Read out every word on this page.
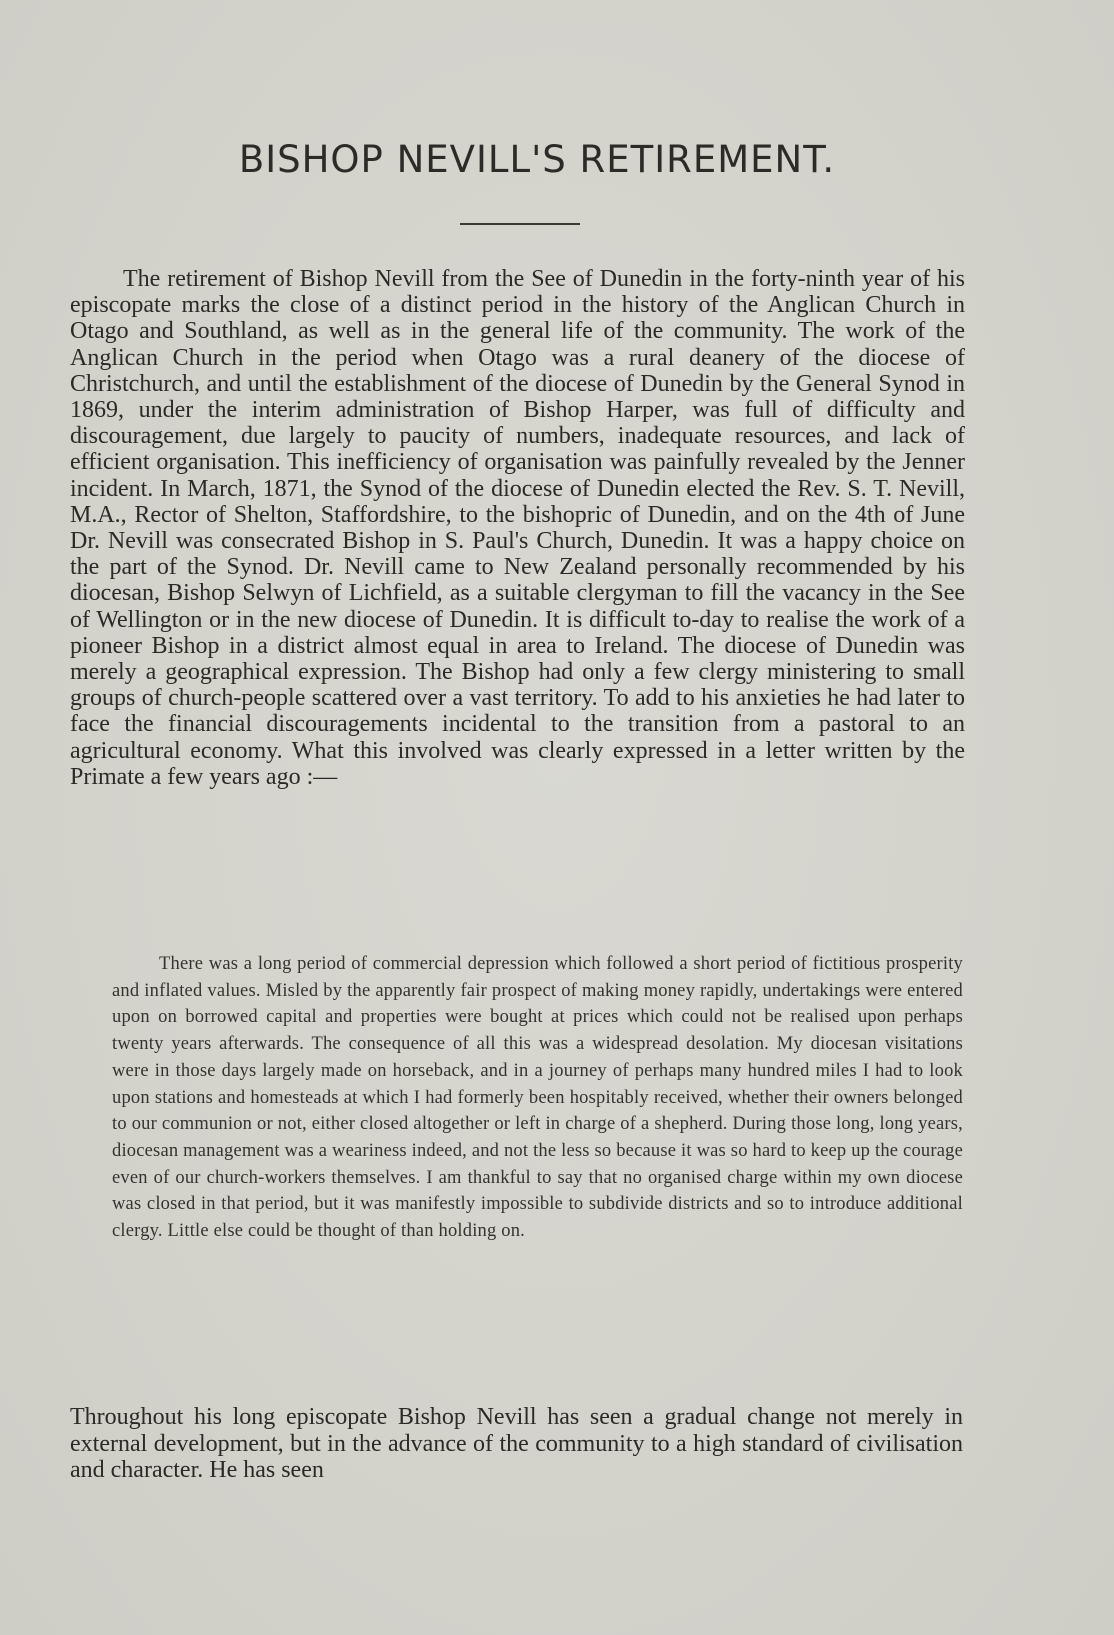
BISHOP NEVILL'S RETIREMENT.

The retirement of Bishop Nevill from the See of Dunedin in the forty-ninth year of his episcopate marks the close of a distinct period in the history of the Anglican Church in Otago and Southland, as well as in the general life of the community. The work of the Anglican Church in the period when Otago was a rural deanery of the diocese of Christchurch, and until the establishment of the diocese of Dunedin by the General Synod in 1869, under the interim administration of Bishop Harper, was full of difficulty and discouragement, due largely to paucity of numbers, inadequate resources, and lack of efficient organisation. This inefficiency of organisation was painfully revealed by the Jenner incident. In March, 1871, the Synod of the diocese of Dunedin elected the Rev. S. T. Nevill, M.A., Rector of Shelton, Staffordshire, to the bishopric of Dunedin, and on the 4th of June Dr. Nevill was consecrated Bishop in S. Paul's Church, Dunedin. It was a happy choice on the part of the Synod. Dr. Nevill came to New Zealand personally recommended by his diocesan, Bishop Selwyn of Lichfield, as a suitable clergyman to fill the vacancy in the See of Wellington or in the new diocese of Dunedin. It is difficult to-day to realise the work of a pioneer Bishop in a district almost equal in area to Ireland. The diocese of Dunedin was merely a geographical expression. The Bishop had only a few clergy ministering to small groups of church-people scattered over a vast territory. To add to his anxieties he had later to face the financial discouragements incidental to the transition from a pastoral to an agricultural economy. What this involved was clearly expressed in a letter written by the Primate a few years ago :—

There was a long period of commercial depression which followed a short period of fictitious prosperity and inflated values. Misled by the apparently fair prospect of making money rapidly, undertakings were entered upon on borrowed capital and properties were bought at prices which could not be realised upon perhaps twenty years afterwards. The consequence of all this was a widespread desolation. My diocesan visitations were in those days largely made on horseback, and in a journey of perhaps many hundred miles I had to look upon stations and homesteads at which I had formerly been hospitably received, whether their owners belonged to our communion or not, either closed altogether or left in charge of a shepherd. During those long, long years, diocesan management was a weariness indeed, and not the less so because it was so hard to keep up the courage even of our church-workers themselves. I am thankful to say that no organised charge within my own diocese was closed in that period, but it was manifestly impossible to subdivide districts and so to introduce additional clergy. Little else could be thought of than holding on.

Throughout his long episcopate Bishop Nevill has seen a gradual change not merely in external development, but in the advance of the community to a high standard of civilisation and character. He has seen
